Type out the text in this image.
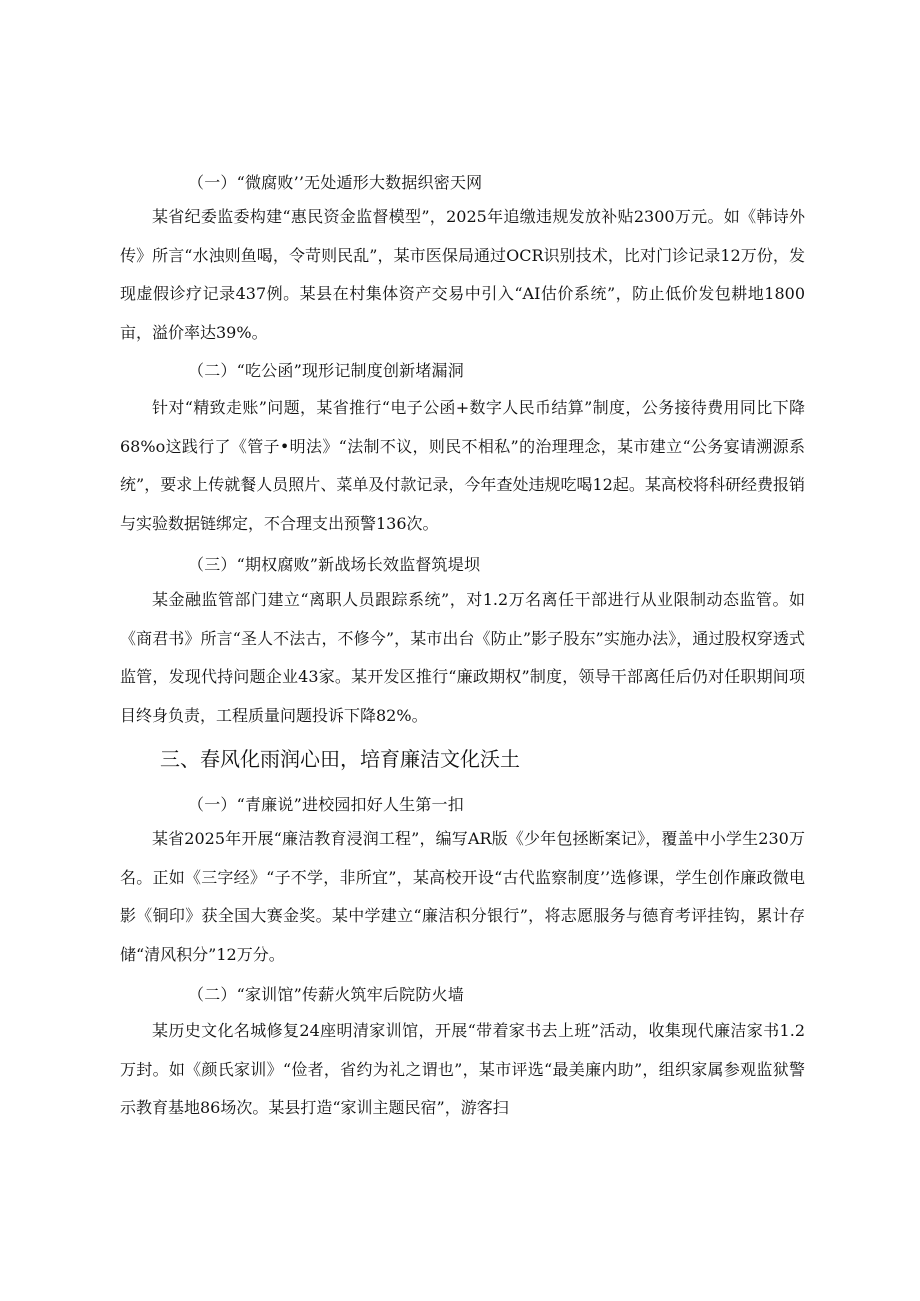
（一）“微腐败’’无处遁形大数据织密天网

某省纪委监委构建“惠民资金监督模型”，2025年追缴违规发放补贴2300万元。如《韩诗外传》所言“水浊则鱼喝，令苛则民乱”，某市医保局通过OCR识别技术，比对门诊记录12万份，发现虚假诊疗记录437例。某县在村集体资产交易中引入“AI估价系统”，防止低价发包耕地1800亩，溢价率达39%。

（二）“吃公函”现形记制度创新堵漏洞

针对“精致走账”问题，某省推行“电子公函+数字人民币结算”制度，公务接待费用同比下降68%o这践行了《管子•明法》“法制不议，则民不相私”的治理理念，某市建立“公务宴请溯源系统”，要求上传就餐人员照片、菜单及付款记录，今年查处违规吃喝12起。某高校将科研经费报销与实验数据链绑定，不合理支出预警136次。

（三）“期权腐败”新战场长效监督筑堤坝

某金融监管部门建立“离职人员跟踪系统”，对1.2万名离任干部进行从业限制动态监管。如《商君书》所言“圣人不法古，不修今”，某市出台《防止”影子股东”实施办法》，通过股权穿透式监管，发现代持问题企业43家。某开发区推行“廉政期权”制度，领导干部离任后仍对任职期间项目终身负责，工程质量问题投诉下降82%。

三、春风化雨润心田，培育廉洁文化沃土
（一）“青廉说”进校园扣好人生第一扣

某省2025年开展“廉洁教育浸润工程”，编写AR版《少年包拯断案记》，覆盖中小学生230万名。正如《三字经》“子不学，非所宜”，某高校开设“古代监察制度’’选修课，学生创作廉政微电影《铜印》获全国大赛金奖。某中学建立“廉洁积分银行”，将志愿服务与德育考评挂钩，累计存储“清风积分”12万分。

（二）“家训馆”传薪火筑牢后院防火墙

某历史文化名城修复24座明清家训馆，开展“带着家书去上班”活动，收集现代廉洁家书1.2万封。如《颜氏家训》“俭者，省约为礼之谓也”，某市评选“最美廉内助”，组织家属参观监狱警示教育基地86场次。某县打造“家训主题民宿”，游客扫
